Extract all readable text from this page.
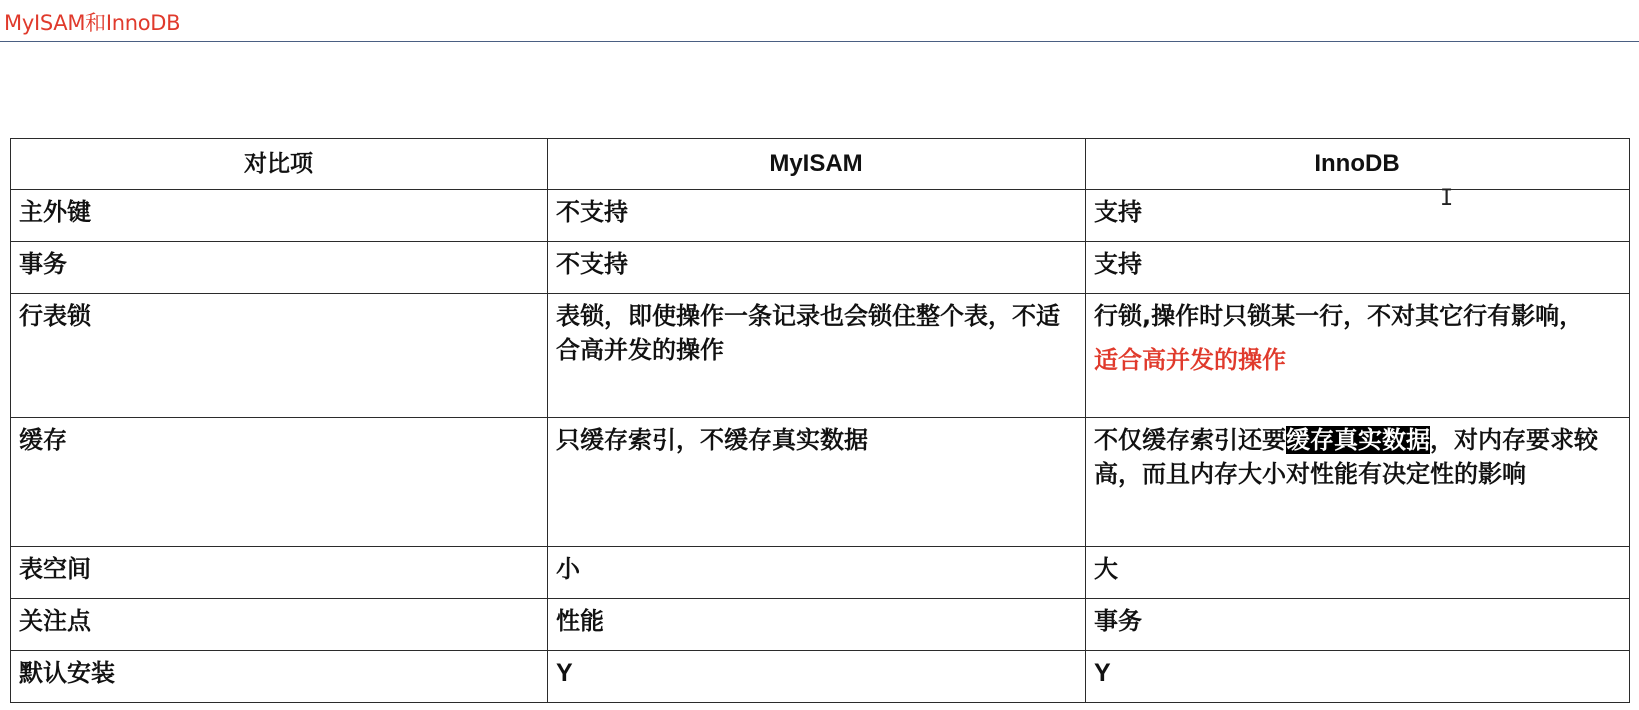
MyISAM和InnoDB
对比项	MyISAM	InnoDB
主外键	不支持	支持
事务	不支持	支持
行表锁	表锁，即使操作一条记录也会锁住整个表，不适合高并发的操作	行锁,操作时只锁某一行，不对其它行有影响，
适合高并发的操作

缓存	只缓存索引，不缓存真实数据	不仅缓存索引还要缓存真实数据，对内存要求较高，而且内存大小对性能有决定性的影响
表空间	小	大
关注点	性能	事务
默认安装	Y	Y
I
